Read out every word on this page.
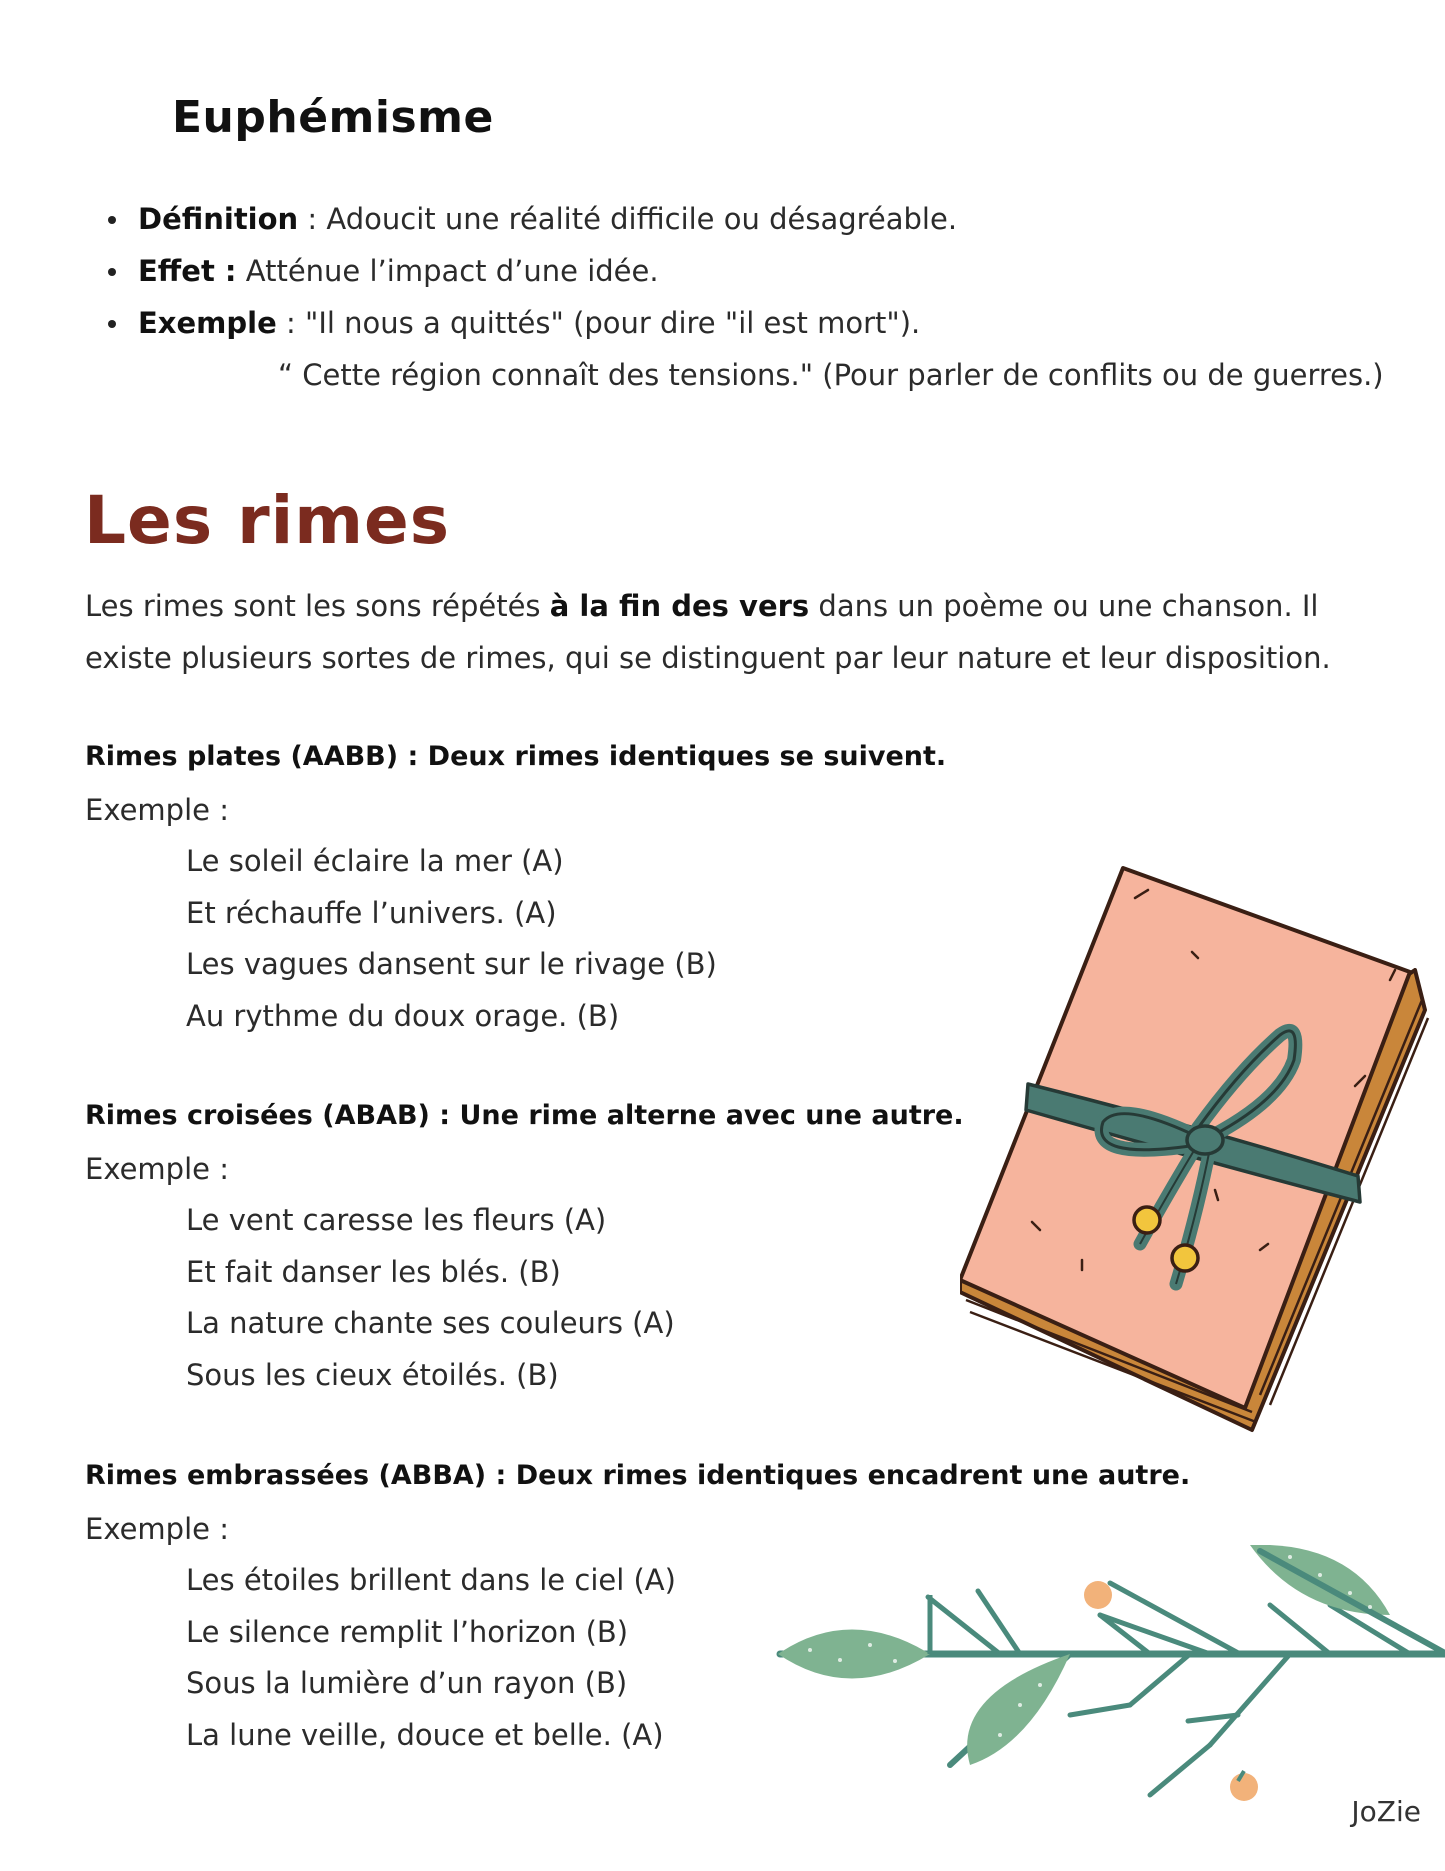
Euphémisme
Définition : Adoucit une réalité difficile ou désagréable.
Effet : Atténue l’impact d’une idée.
Exemple : "Il nous a quittés" (pour dire "il est mort").
“ Cette région connaît des tensions." (Pour parler de conflits ou de guerres.)
Les rimes

Les rimes sont les sons répétés à la fin des vers dans un poème ou une chanson. Il existe plusieurs sortes de rimes, qui se distinguent par leur nature et leur disposition.

Rimes plates (AABB) : Deux rimes identiques se suivent.

Exemple :

Le soleil éclaire la mer (A)
Et réchauffe l’univers. (A)
Les vagues dansent sur le rivage (B)
Au rythme du doux orage. (B)

Rimes croisées (ABAB) : Une rime alterne avec une autre.

Exemple :

Le vent caresse les fleurs (A)
Et fait danser les blés. (B)
La nature chante ses couleurs (A)
Sous les cieux étoilés. (B)

Rimes embrassées (ABBA) : Deux rimes identiques encadrent une autre.

Exemple :

Les étoiles brillent dans le ciel (A)
Le silence remplit l’horizon (B)
Sous la lumière d’un rayon (B)
La lune veille, douce et belle. (A)
JoZie
